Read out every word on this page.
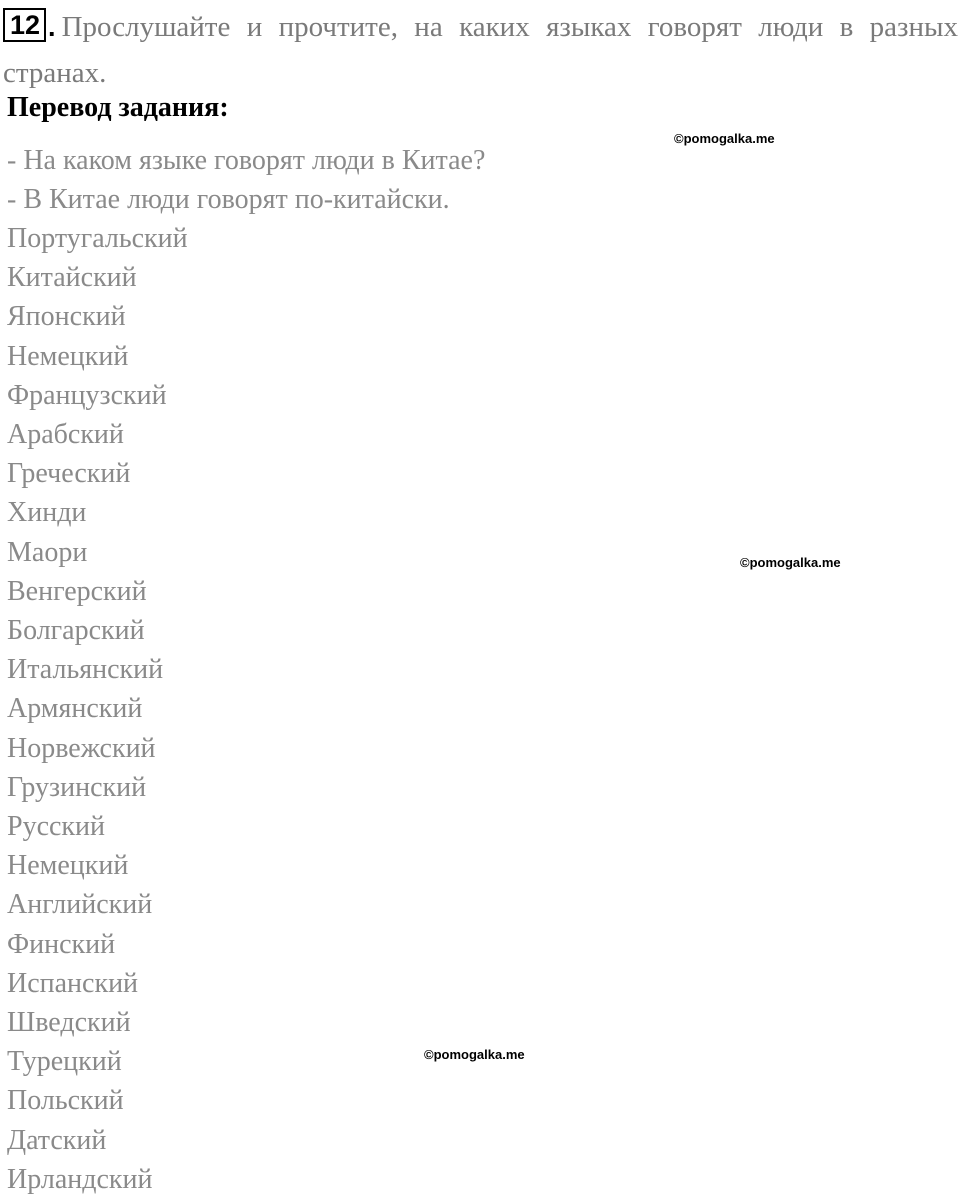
12 . Прослушайте и прочтите, на каких языках говорят люди в разных странах.
Перевод задания:
- На каком языке говорят люди в Китае?
- В Китае люди говорят по-китайски.
Португальский
Китайский
Японский
Немецкий
Французский
Арабский
Греческий
Хинди
Маори
Венгерский
Болгарский
Итальянский
Армянский
Норвежский
Грузинский
Русский
Немецкий
Английский
Финский
Испанский
Шведский
Турецкий
Польский
Датский
Ирландский
©pomogalka.me
©pomogalka.me
©pomogalka.me
